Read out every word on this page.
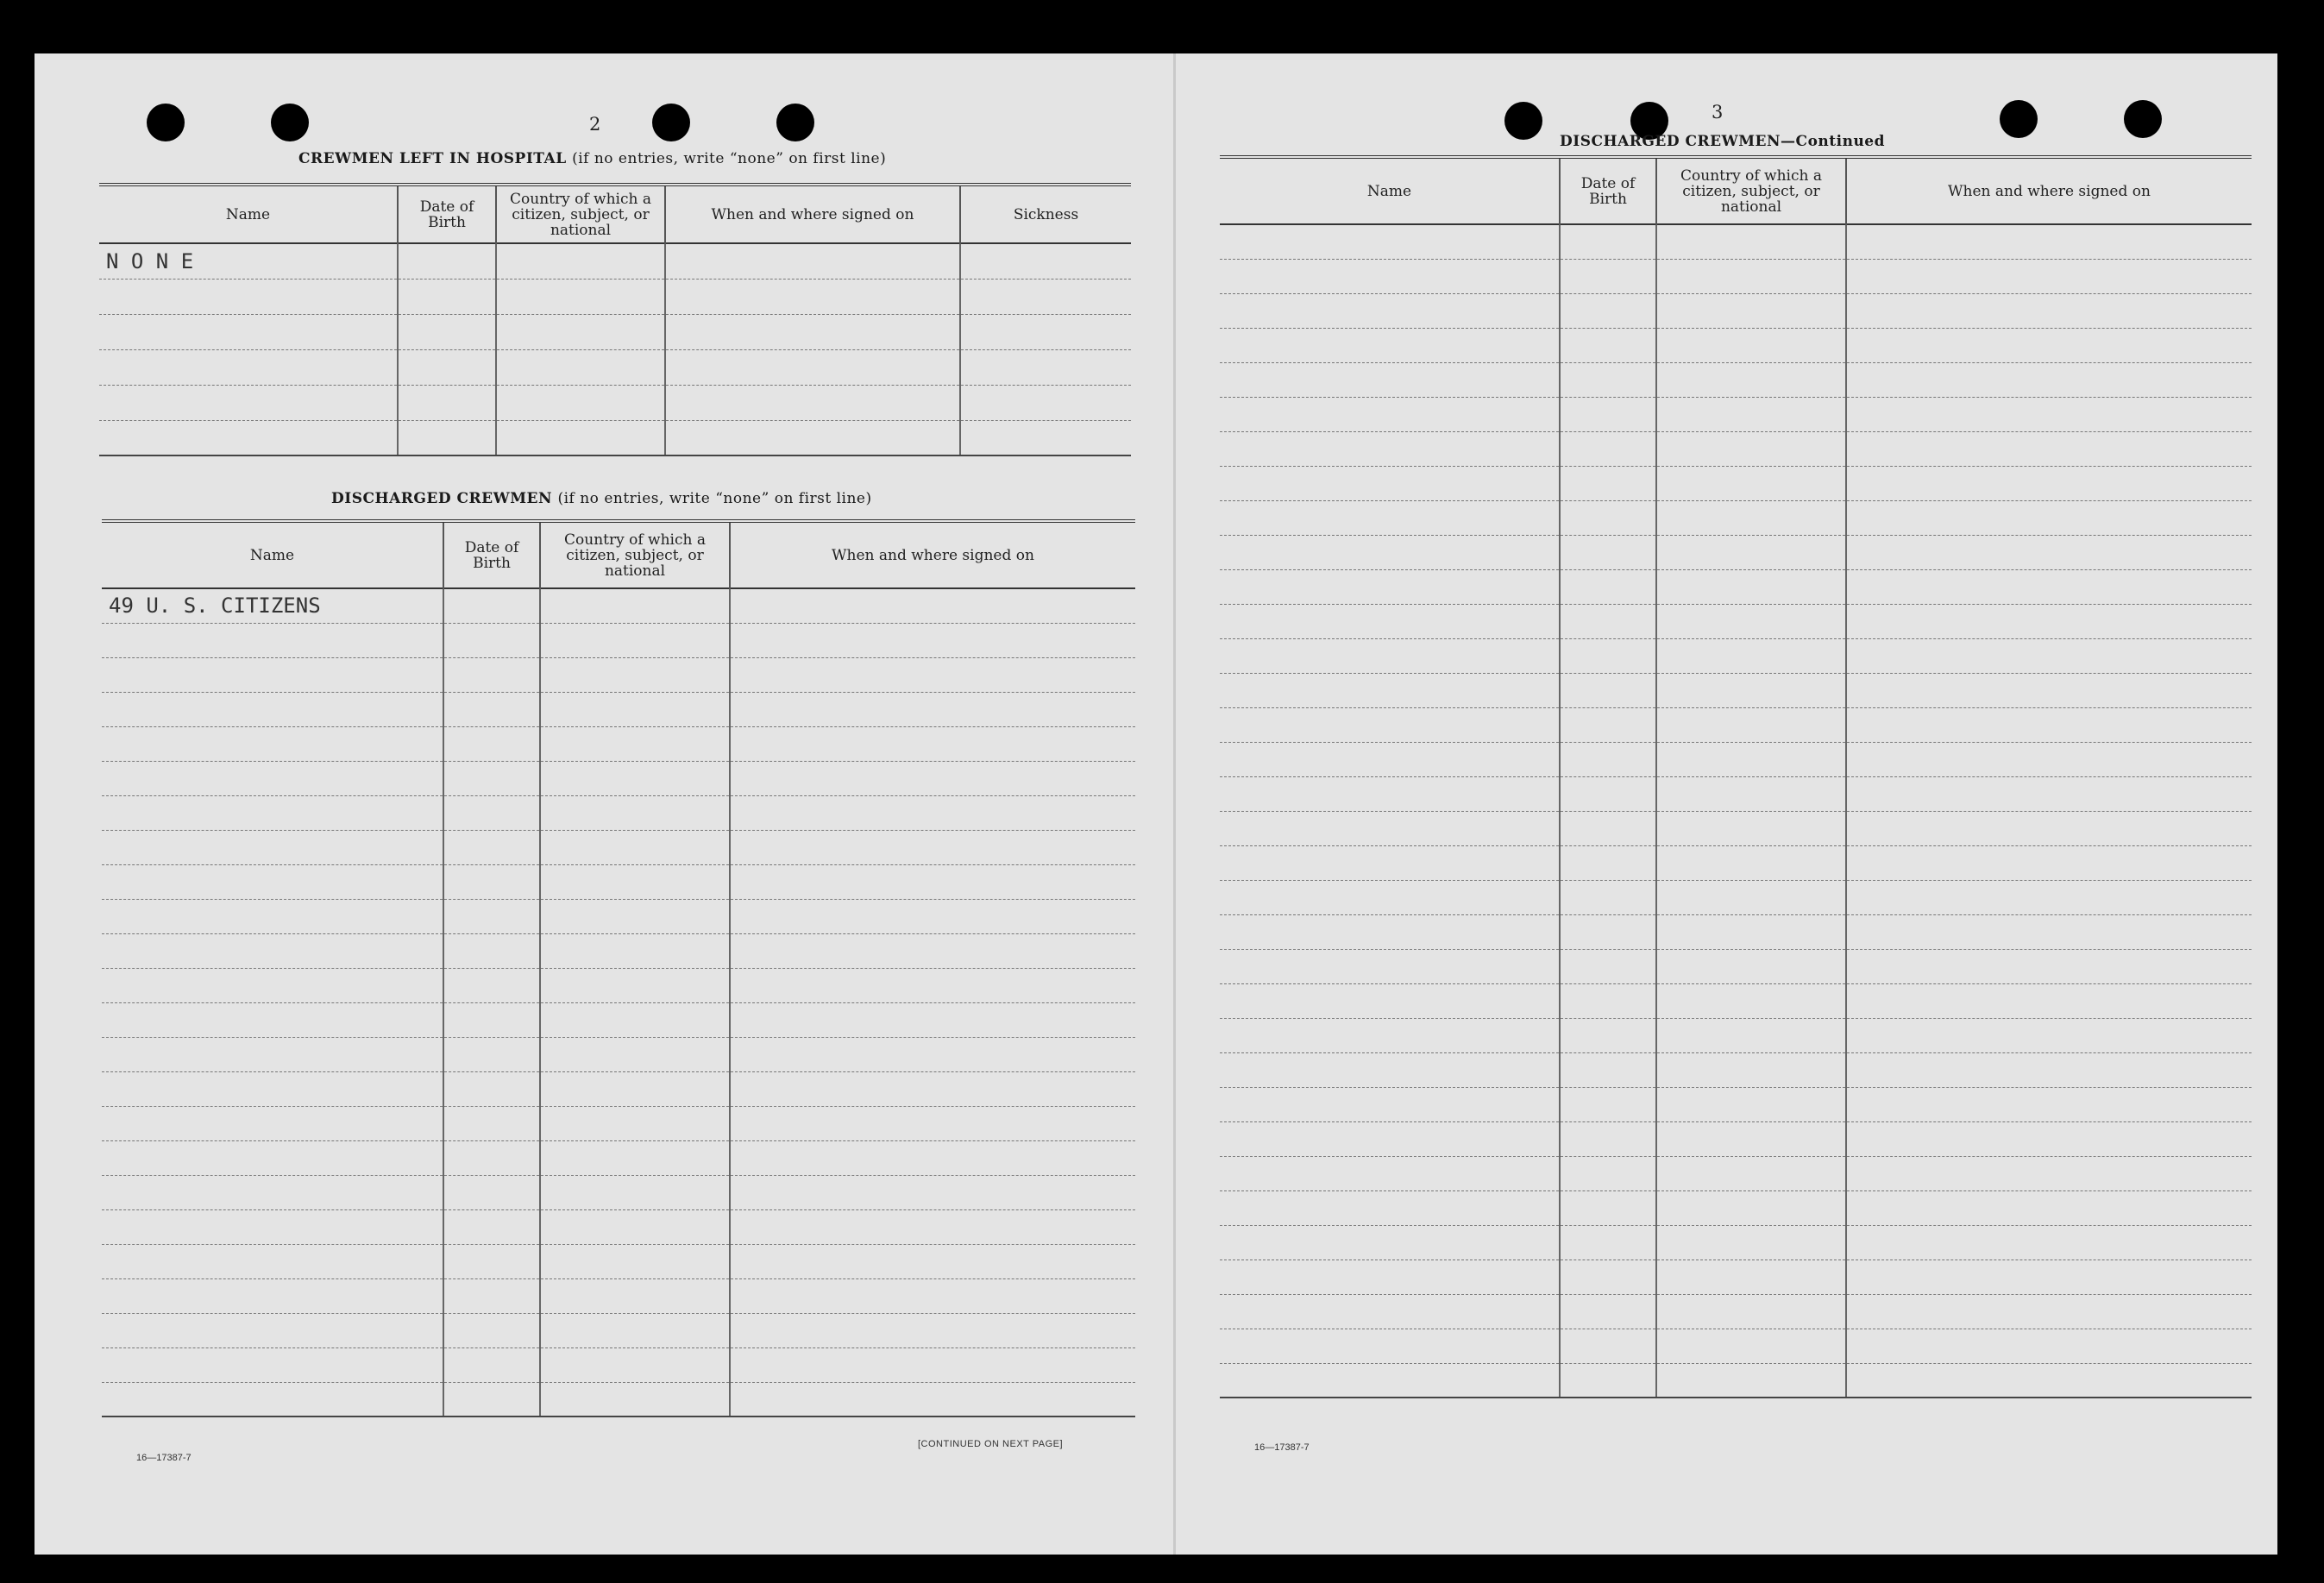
2
CREWMEN LEFT IN HOSPITAL (if no entries, write “none” on first line)
Name	Date of Birth	Country of which a citizen, subject, or national	When and where signed on	Sickness
N O N E				

DISCHARGED CREWMEN (if no entries, write “none” on first line)
Name	Date of Birth	Country of which a citizen, subject, or national	When and where signed on
49 U. S. CITIZENS			

16—17387-7
[CONTINUED ON NEXT PAGE]
3
DISCHARGED CREWMEN—Continued
Name	Date of Birth	Country of which a citizen, subject, or national	When and where signed on

16—17387-7
